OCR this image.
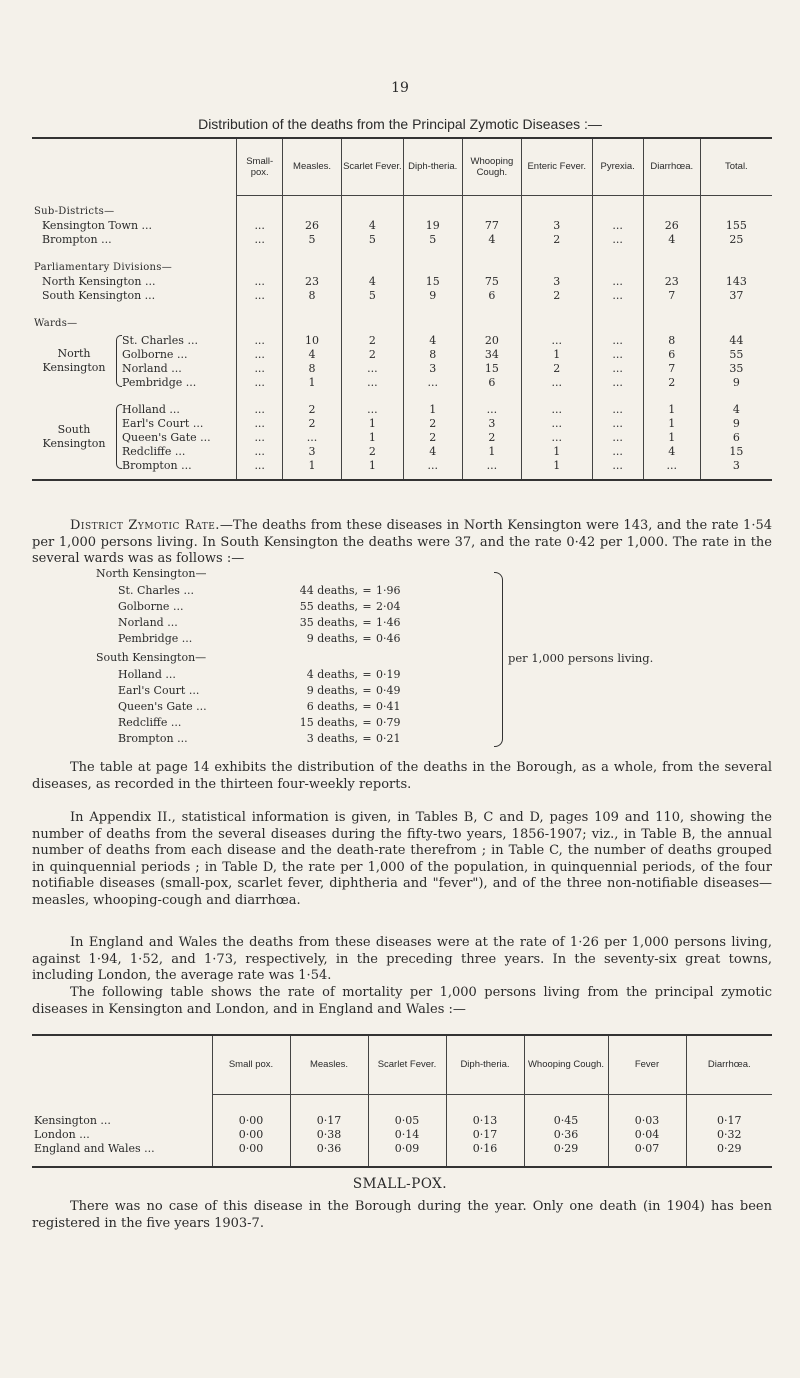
19
Distribution of the deaths from the Principal Zymotic Diseases :—
	Small-pox.	Measles.	Scarlet Fever.	Diph-theria.	Whooping Cough.	Enteric Fever.	Pyrexia.	Diarrhœa.	Total.

Sub-Districts—									
Kensington Town ...	...	26	4	19	77	3	...	26	155
Brompton ...	...	5	5	5	4	2	...	4	25

Parliamentary Divisions—									
North Kensington ...	...	23	4	15	75	3	...	23	143
South Kensington ...	...	8	5	9	6	2	...	7	37

Wards—									

North Kensington
St. Charles ...	...	10	2	4	20	...	...	8	44
Golborne ...	...	4	2	8	34	1	...	6	55
Norland ...	...	8	...	3	15	2	...	7	35
Pembridge ...	...	1	...	...	6	...	...	2	9

South Kensington
Holland ...	...	2	...	1	...	...	...	1	4
Earl's Court ...	...	2	1	2	3	...	...	1	9
Queen's Gate ...	...	...	1	2	2	...	...	1	6
Redcliffe ...	...	3	2	4	1	1	...	4	15
Brompton ...	...	1	1	...	...	1	...	...	3

District Zymotic Rate.—The deaths from these diseases in North Kensington were 143, and the rate 1·54 per 1,000 persons living. In South Kensington the deaths were 37, and the rate 0·42 per 1,000. The rate in the several wards was as follows :—
North Kensington—
St. Charles ...	44 deaths,	=	1·96
Golborne ...	55 deaths,	=	2·04
Norland ...	35 deaths,	=	1·46
Pembridge ...	9 deaths,	=	0·46
South Kensington—
Holland ...	4 deaths,	=	0·19
Earl's Court ...	9 deaths,	=	0·49
Queen's Gate ...	6 deaths,	=	0·41
Redcliffe ...	15 deaths,	=	0·79
Brompton ...	3 deaths,	=	0·21
per 1,000 persons living.
The table at page 14 exhibits the distribution of the deaths in the Borough, as a whole, from the several diseases, as recorded in the thirteen four-weekly reports.
In Appendix II., statistical information is given, in Tables B, C and D, pages 109 and 110, showing the number of deaths from the several diseases during the fifty-two years, 1856-1907; viz., in Table B, the annual number of deaths from each disease and the death-rate therefrom ; in Table C, the number of deaths grouped in quinquennial periods ; in Table D, the rate per 1,000 of the population, in quinquennial periods, of the four notifiable diseases (small-pox, scarlet fever, diphtheria and "fever"), and of the three non-notifiable diseases—measles, whooping-cough and diarrhœa.
In England and Wales the deaths from these diseases were at the rate of 1·26 per 1,000 persons living, against 1·94, 1·52, and 1·73, respectively, in the preceding three years. In the seventy-six great towns, including London, the average rate was 1·54.
The following table shows the rate of mortality per 1,000 persons living from the principal zymotic diseases in Kensington and London, and in England and Wales :—
	Small pox.	Measles.	Scarlet Fever.	Diph-theria.	Whooping Cough.	Fever	Diarrhœa.

Kensington ...	0·00	0·17	0·05	0·13	0·45	0·03	0·17
London ...	0·00	0·38	0·14	0·17	0·36	0·04	0·32
England and Wales ...	0·00	0·36	0·09	0·16	0·29	0·07	0·29

SMALL-POX.
There was no case of this disease in the Borough during the year. Only one death (in 1904) has been registered in the five years 1903-7.
